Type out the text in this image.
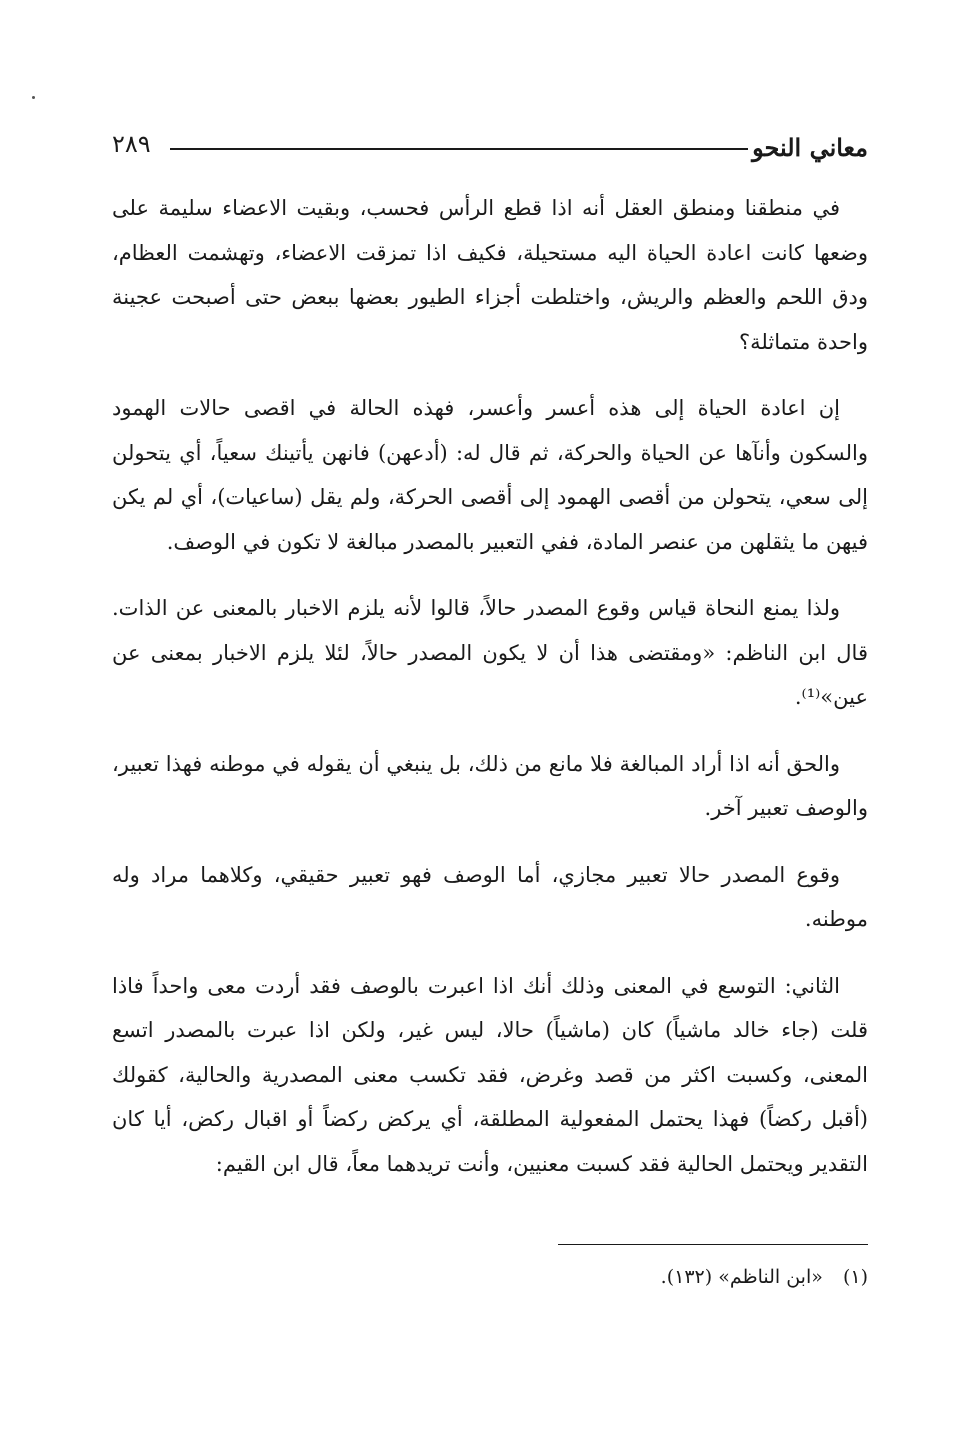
معاني النحو
٢٨٩

في منطقنا ومنطق العقل أنه اذا قطع الرأس فحسب، وبقيت الاعضاء سليمة على وضعها كانت اعادة الحياة اليه مستحيلة، فكيف اذا تمزقت الاعضاء، وتهشمت العظام، ودق اللحم والعظم والريش، واختلطت أجزاء الطيور بعضها ببعض حتى أصبحت عجينة واحدة متماثلة؟

إن اعادة الحياة إلى هذه أعسر وأعسر، فهذه الحالة في اقصى حالات الهمود والسكون وأنآها عن الحياة والحركة، ثم قال له: (أدعهن) فانهن يأتينك سعياً، أي يتحولن إلى سعي، يتحولن من أقصى الهمود إلى أقصى الحركة، ولم يقل (ساعيات)، أي لم يكن فيهن ما يثقلهن من عنصر المادة، ففي التعبير بالمصدر مبالغة لا تكون في الوصف.

ولذا يمنع النحاة قياس وقوع المصدر حالاً، قالوا لأنه يلزم الاخبار بالمعنى عن الذات. قال ابن الناظم: «ومقتضى هذا أن لا يكون المصدر حالاً، لئلا يلزم الاخبار بمعنى عن عين»⁽¹⁾.

والحق أنه اذا أراد المبالغة فلا مانع من ذلك، بل ينبغي أن يقوله في موطنه فهذا تعبير، والوصف تعبير آخر.

وقوع المصدر حالا تعبير مجازي، أما الوصف فهو تعبير حقيقي، وكلاهما مراد وله موطنه.

الثاني: التوسع في المعنى وذلك أنك اذا اعبرت بالوصف فقد أردت معى واحداً فاذا قلت (جاء خالد ماشياً) كان (ماشياً) حالا، ليس غير، ولكن اذا عبرت بالمصدر اتسع المعنى، وكسبت اكثر من قصد وغرض، فقد تكسب معنى المصدرية والحالية، كقولك (أقبل ركضاً) فهذا يحتمل المفعولية المطلقة، أي يركض ركضاً أو اقبال ركض، أيا كان التقدير ويحتمل الحالية فقد كسبت معنيين، وأنت تريدهما معاً، قال ابن القيم:

(١) «ابن الناظم» (١٣٢).
